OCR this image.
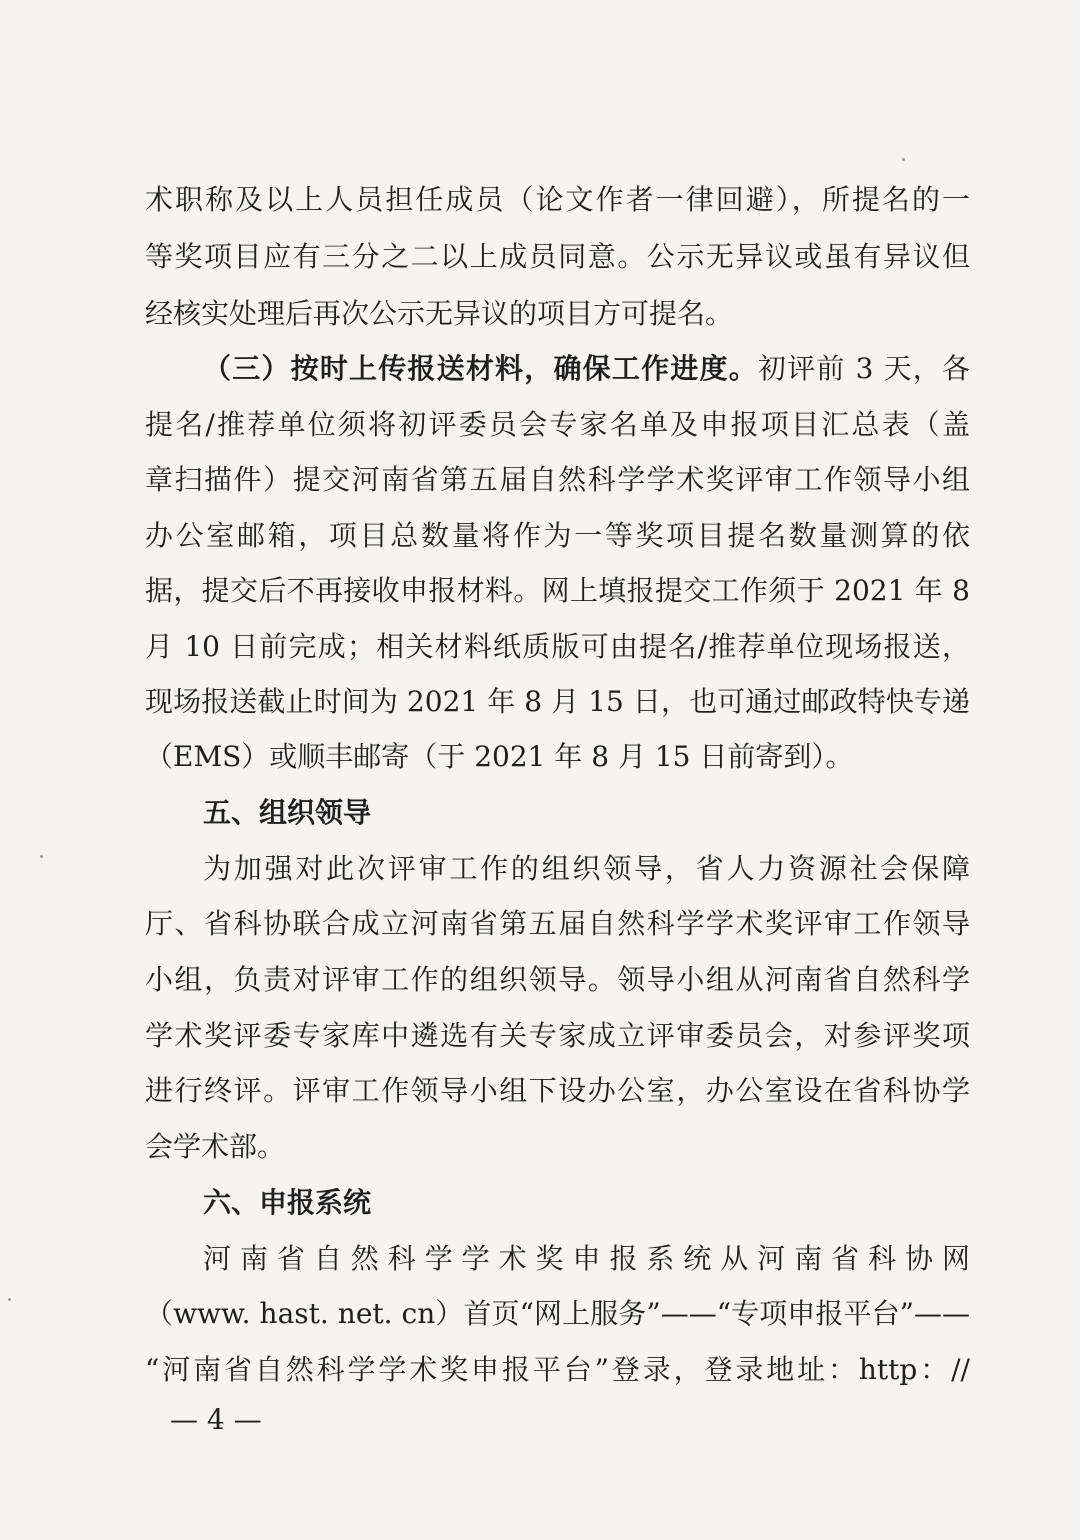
术职称及以上人员担任成员（论文作者一律回避），所提名的一
等奖项目应有三分之二以上成员同意。公示无异议或虽有异议但
经核实处理后再次公示无异议的项目方可提名。
（三）按时上传报送材料，确保工作进度。初评前 3 天，各
提名/推荐单位须将初评委员会专家名单及申报项目汇总表（盖
章扫描件）提交河南省第五届自然科学学术奖评审工作领导小组
办公室邮箱，项目总数量将作为一等奖项目提名数量测算的依
据，提交后不再接收申报材料。网上填报提交工作须于 2021 年 8
月 10 日前完成；相关材料纸质版可由提名/推荐单位现场报送，
现场报送截止时间为 2021 年 8 月 15 日，也可通过邮政特快专递
（EMS）或顺丰邮寄（于 2021 年 8 月 15 日前寄到）。
五、组织领导
为加强对此次评审工作的组织领导，省人力资源社会保障
厅、省科协联合成立河南省第五届自然科学学术奖评审工作领导
小组，负责对评审工作的组织领导。领导小组从河南省自然科学
学术奖评委专家库中遴选有关专家成立评审委员会，对参评奖项
进行终评。评审工作领导小组下设办公室，办公室设在省科协学
会学术部。
六、申报系统
河南省自然科学学术奖申报系统从河南省科协网
（www. hast. net. cn）首页“网上服务”——“专项申报平台”——
“河南省自然科学学术奖申报平台”登录，登录地址：http：//
— 4 —
